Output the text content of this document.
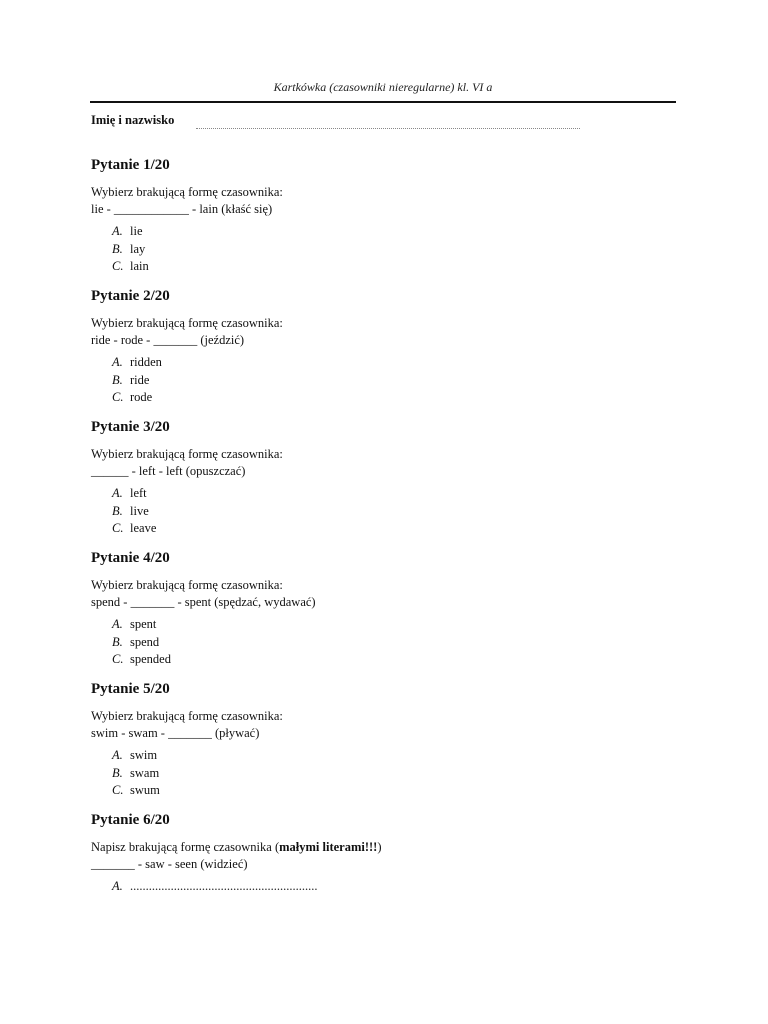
Kartkówka (czasowniki nieregularne) kl. VI a
Imię i nazwisko
Pytanie 1/20
Wybierz brakującą formę czasownika:
lie - ____________ - lain (kłaść się)
A. lie
B. lay
C. lain
Pytanie 2/20
Wybierz brakującą formę czasownika:
ride - rode - _______ (jeździć)
A. ridden
B. ride
C. rode
Pytanie 3/20
Wybierz brakującą formę czasownika:
______ - left - left (opuszczać)
A. left
B. live
C. leave
Pytanie 4/20
Wybierz brakującą formę czasownika:
spend - _______ - spent (spędzać, wydawać)
A. spent
B. spend
C. spended
Pytanie 5/20
Wybierz brakującą formę czasownika:
swim - swam - _______ (pływać)
A. swim
B. swam
C. swum
Pytanie 6/20
Napisz brakującą formę czasownika (małymi literami!!!)
_______ - saw - seen (widzieć)
A. ............................................................
